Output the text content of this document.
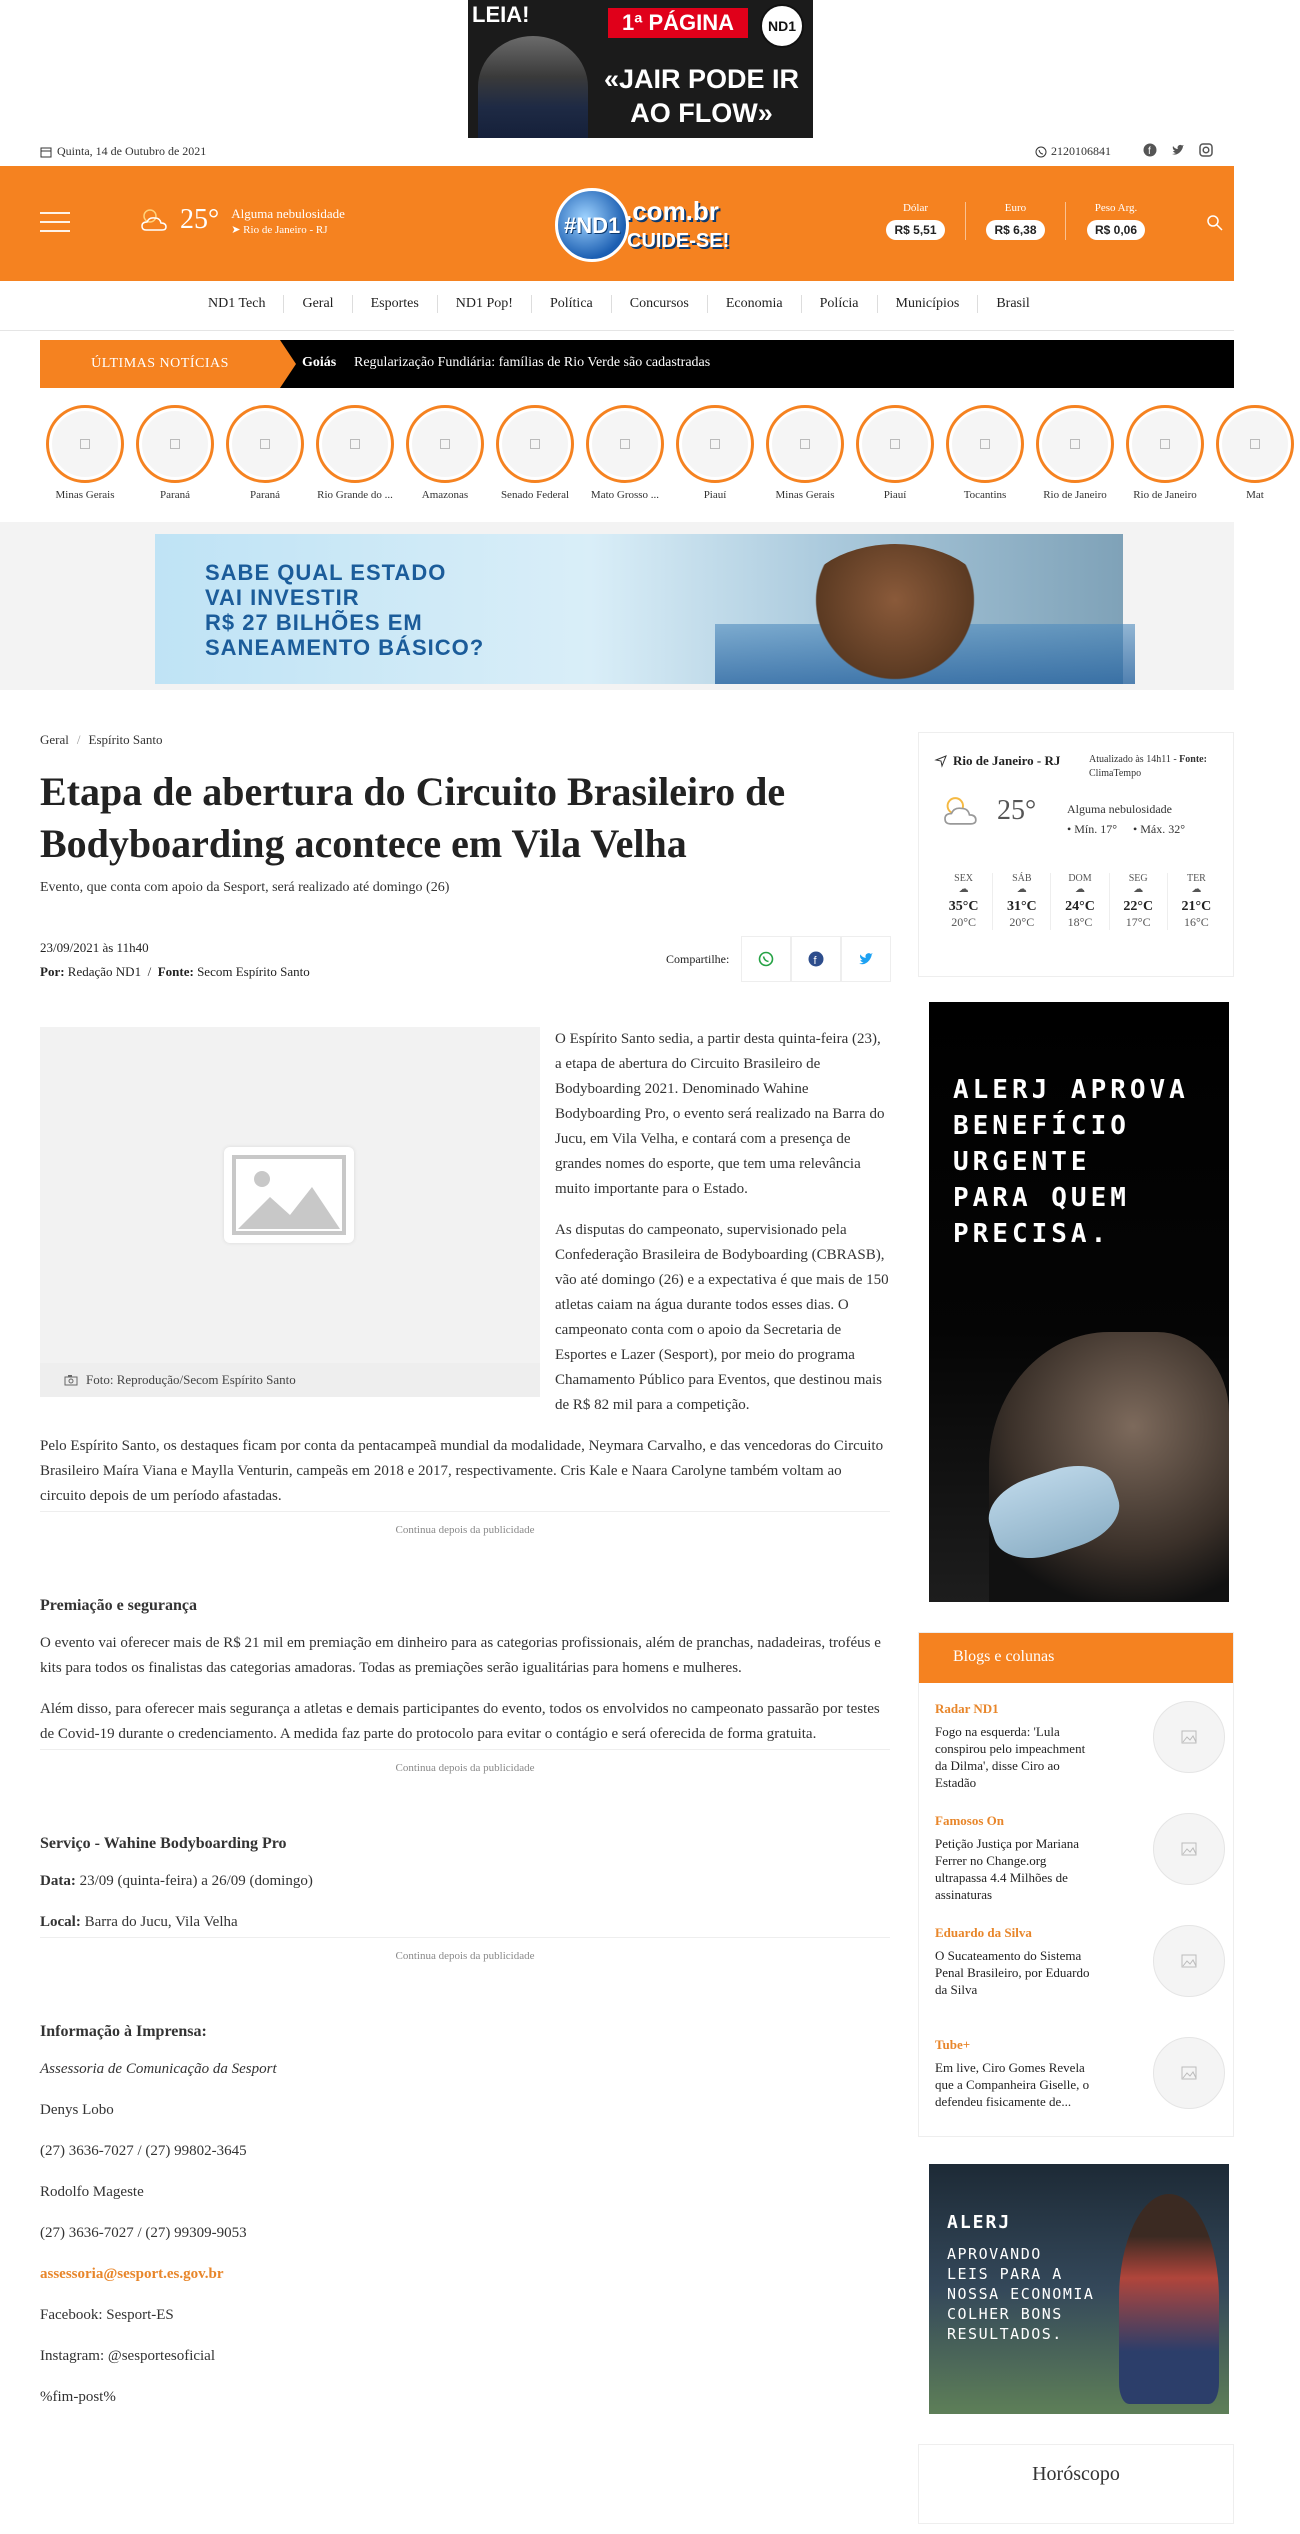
LEIA!	1ª PÁGINA	ND1
«JAIR PODE IR AO FLOW»
Quinta, 14 de Outubro de 2021	2120106841	f
25° Alguma nebulosidade
➤ Rio de Janeiro - RJ	#ND1 .com.br
CUIDE-SE!
Dólar
R$ 5,51
Euro
R$ 6,38
Peso Arg.
R$ 0,06
ND1 Tech	Geral	Esportes	ND1 Pop!	Política	Concursos	Economia	Polícia	Municípios	Brasil
ÚLTIMAS NOTÍCIAS	Goiás Regularização Fundiária: famílias de Rio Verde são cadastradas
Minas Gerais	Paraná	Paraná	Rio Grande do ...	Amazonas	Senado Federal	Mato Grosso ...	Piauí	Minas Gerais	Piauí	Tocantins	Rio de Janeiro	Rio de Janeiro	Mat
SABE QUAL ESTADO
VAI INVESTIR
R$ 27 BILHÕES EM
SANEAMENTO BÁSICO?
Geral / Espírito Santo
Etapa de abertura do Circuito Brasileiro de Bodyboarding acontece em Vila Velha
Evento, que conta com apoio da Sesport, será realizado até domingo (26)
23/09/2021 às 11h40
Por: Redação ND1  /  Fonte: Secom Espírito Santo
Compartilhe:	f
Foto: Reprodução/Secom Espírito Santo

O Espírito Santo sedia, a partir desta quinta-feira (23), a etapa de abertura do Circuito Brasileiro de Bodyboarding 2021. Denominado Wahine Bodyboarding Pro, o evento será realizado na Barra do Jucu, em Vila Velha, e contará com a presença de grandes nomes do esporte, que tem uma relevância muito importante para o Estado.

As disputas do campeonato, supervisionado pela Confederação Brasileira de Bodyboarding (CBRASB), vão até domingo (26) e a expectativa é que mais de 150 atletas caiam na água durante todos esses dias. O campeonato conta com o apoio da Secretaria de Esportes e Lazer (Sesport), por meio do programa Chamamento Público para Eventos, que destinou mais de R$ 82 mil para a competição.

Pelo Espírito Santo, os destaques ficam por conta da pentacampeã mundial da modalidade, Neymara Carvalho, e das vencedoras do Circuito Brasileiro Maíra Viana e Maylla Venturin, campeãs em 2018 e 2017, respectivamente. Cris Kale e Naara Carolyne também voltam ao circuito depois de um período afastadas.

Continua depois da publicidade
Premiação e segurança

O evento vai oferecer mais de R$ 21 mil em premiação em dinheiro para as categorias profissionais, além de pranchas, nadadeiras, troféus e kits para todos os finalistas das categorias amadoras. Todas as premiações serão igualitárias para homens e mulheres.

Além disso, para oferecer mais segurança a atletas e demais participantes do evento, todos os envolvidos no campeonato passarão por testes de Covid-19 durante o credenciamento. A medida faz parte do protocolo para evitar o contágio e será oferecida de forma gratuita.

Continua depois da publicidade
Serviço - Wahine Bodyboarding Pro

Data: 23/09 (quinta-feira) a 26/09 (domingo)

Local: Barra do Jucu, Vila Velha

Continua depois da publicidade
Informação à Imprensa:

Assessoria de Comunicação da Sesport

Denys Lobo

(27) 3636-7027 / (27) 99802-3645

Rodolfo Mageste

(27) 3636-7027 / (27) 99309-9053

assessoria@sesport.es.gov.br

Facebook: Sesport-ES

Instagram: @sesportesoficial

%fim-post%

Rio de Janeiro - RJ	Atualizado às 14h11 - Fonte: ClimaTempo
25°	Alguma nebulosidade
• Mín. 17° • Máx. 32°
SEX
☁
35°C
20°C
SÁB
☁
31°C
20°C
DOM
☁
24°C
18°C
SEG
☁
22°C
17°C
TER
☁
21°C
16°C
ALERJ APROVA
BENEFÍCIO
URGENTE
PARA QUEM
PRECISA.
Blogs e colunas
Radar ND1
Fogo na esquerda: 'Lula conspirou pelo impeachment da Dilma', disse Ciro ao Estadão
Famosos On
Petição Justiça por Mariana Ferrer no Change.org ultrapassa 4.4 Milhões de assinaturas
Eduardo da Silva
O Sucateamento do Sistema Penal Brasileiro, por Eduardo da Silva
Tube+
Em live, Ciro Gomes Revela que a Companheira Giselle, o defendeu fisicamente de...
ALERJ
APROVANDO
LEIS PARA A
NOSSA ECONOMIA
COLHER BONS
RESULTADOS.
Horóscopo
